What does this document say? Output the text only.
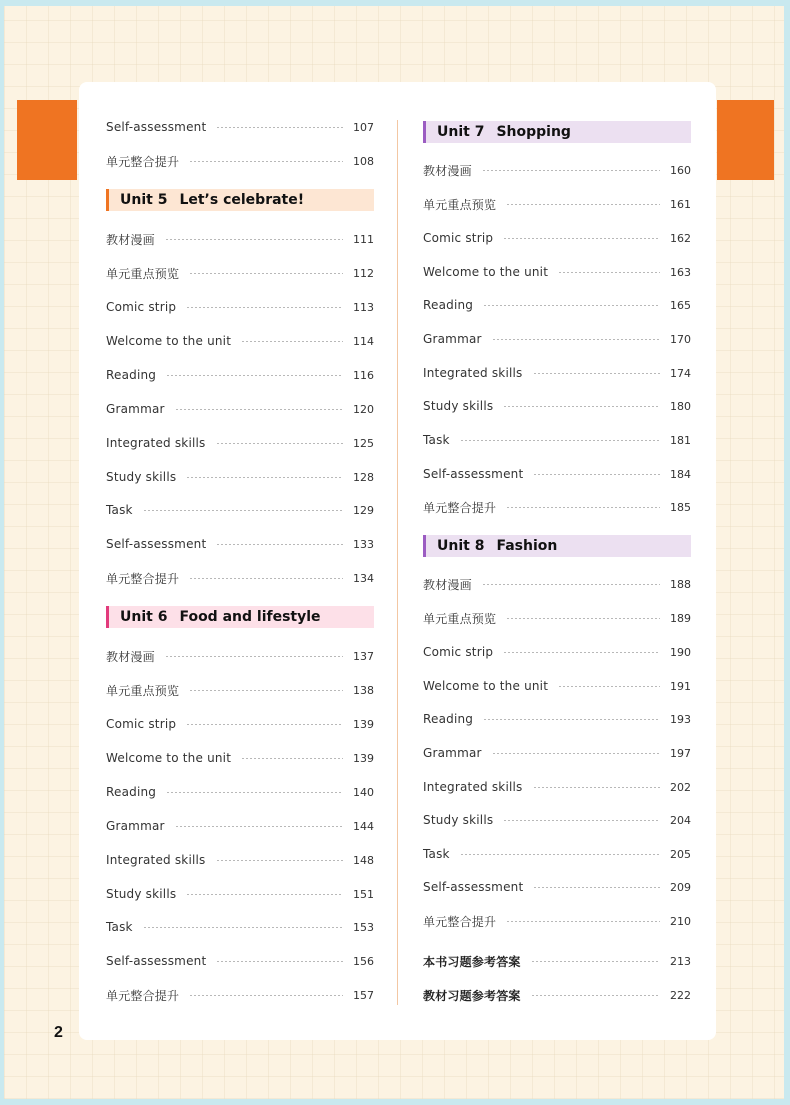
Self-assessment	107
单元整合提升	108
Unit 5 Let’s celebrate!
教材漫画	111
单元重点预览	112
Comic strip	113
Welcome to the unit	114
Reading	116
Grammar	120
Integrated skills	125
Study skills	128
Task	129
Self-assessment	133
单元整合提升	134
Unit 6 Food and lifestyle
教材漫画	137
单元重点预览	138
Comic strip	139
Welcome to the unit	139
Reading	140
Grammar	144
Integrated skills	148
Study skills	151
Task	153
Self-assessment	156
单元整合提升	157
Unit 7 Shopping
教材漫画	160
单元重点预览	161
Comic strip	162
Welcome to the unit	163
Reading	165
Grammar	170
Integrated skills	174
Study skills	180
Task	181
Self-assessment	184
单元整合提升	185
Unit 8 Fashion
教材漫画	188
单元重点预览	189
Comic strip	190
Welcome to the unit	191
Reading	193
Grammar	197
Integrated skills	202
Study skills	204
Task	205
Self-assessment	209
单元整合提升	210
本书习题参考答案	213
教材习题参考答案	222
2
